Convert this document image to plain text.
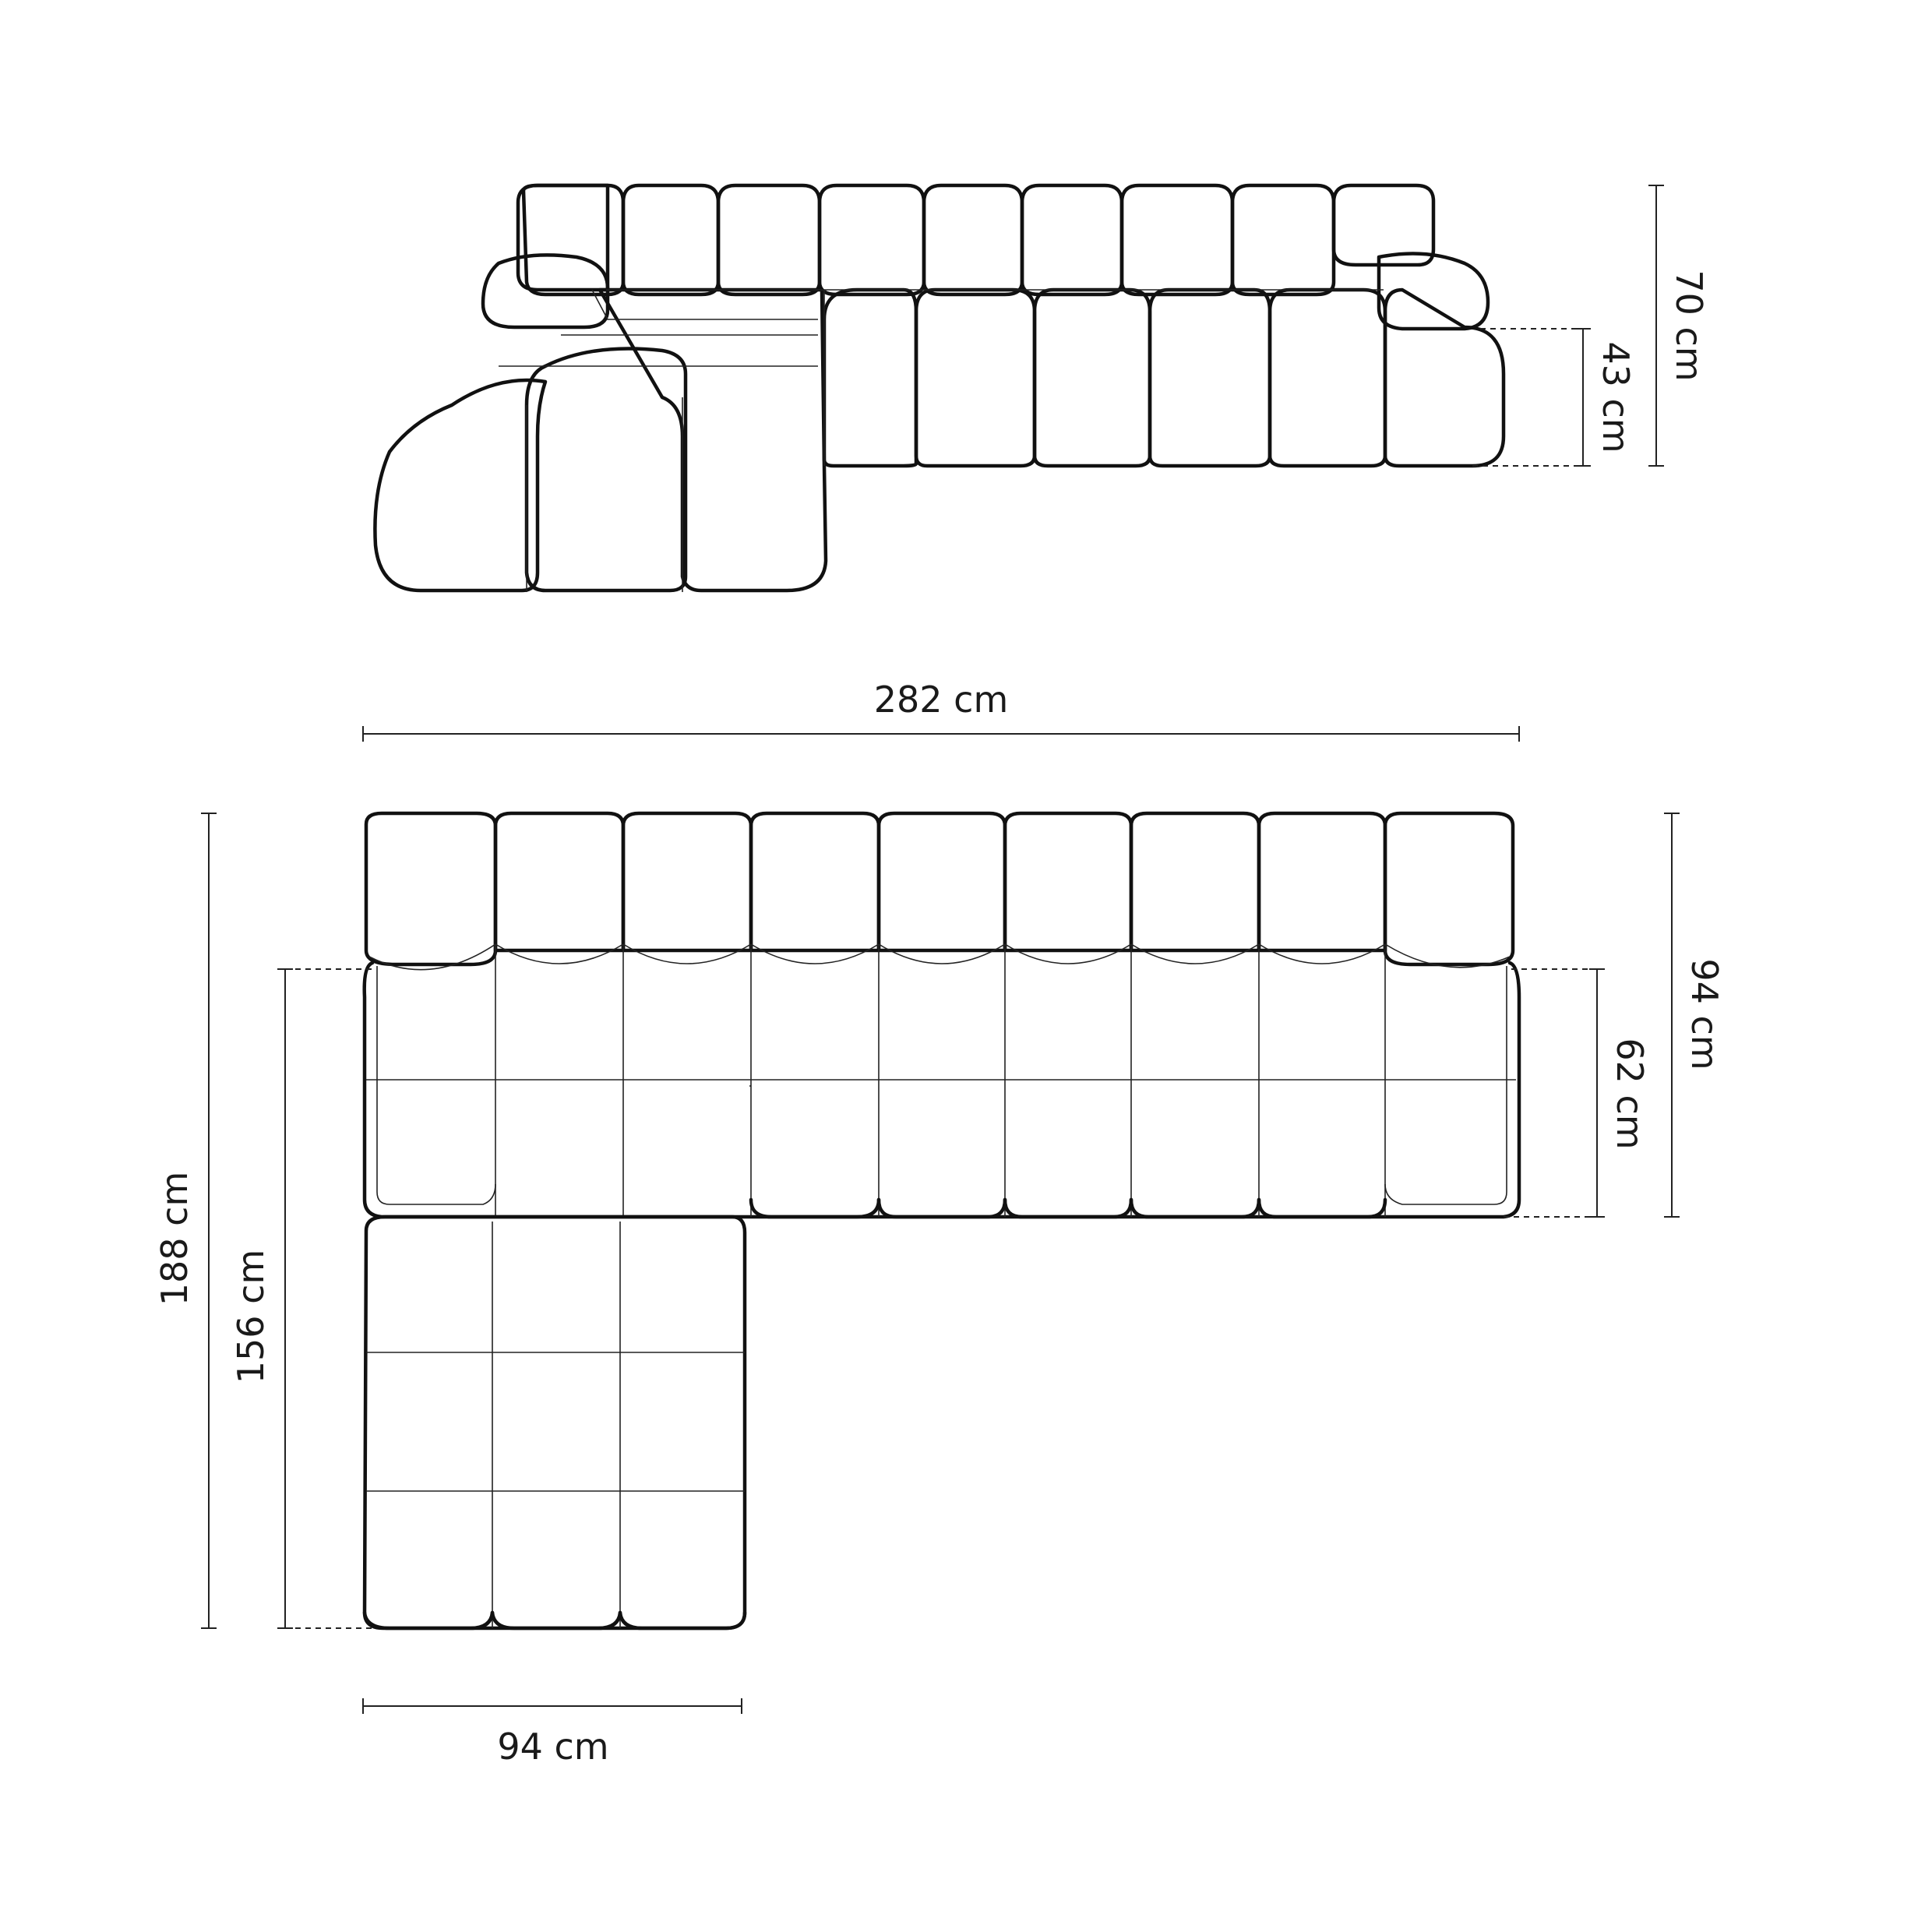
70 cm
43 cm
282 cm
188 cm
156 cm
94 cm
94 cm
62 cm
